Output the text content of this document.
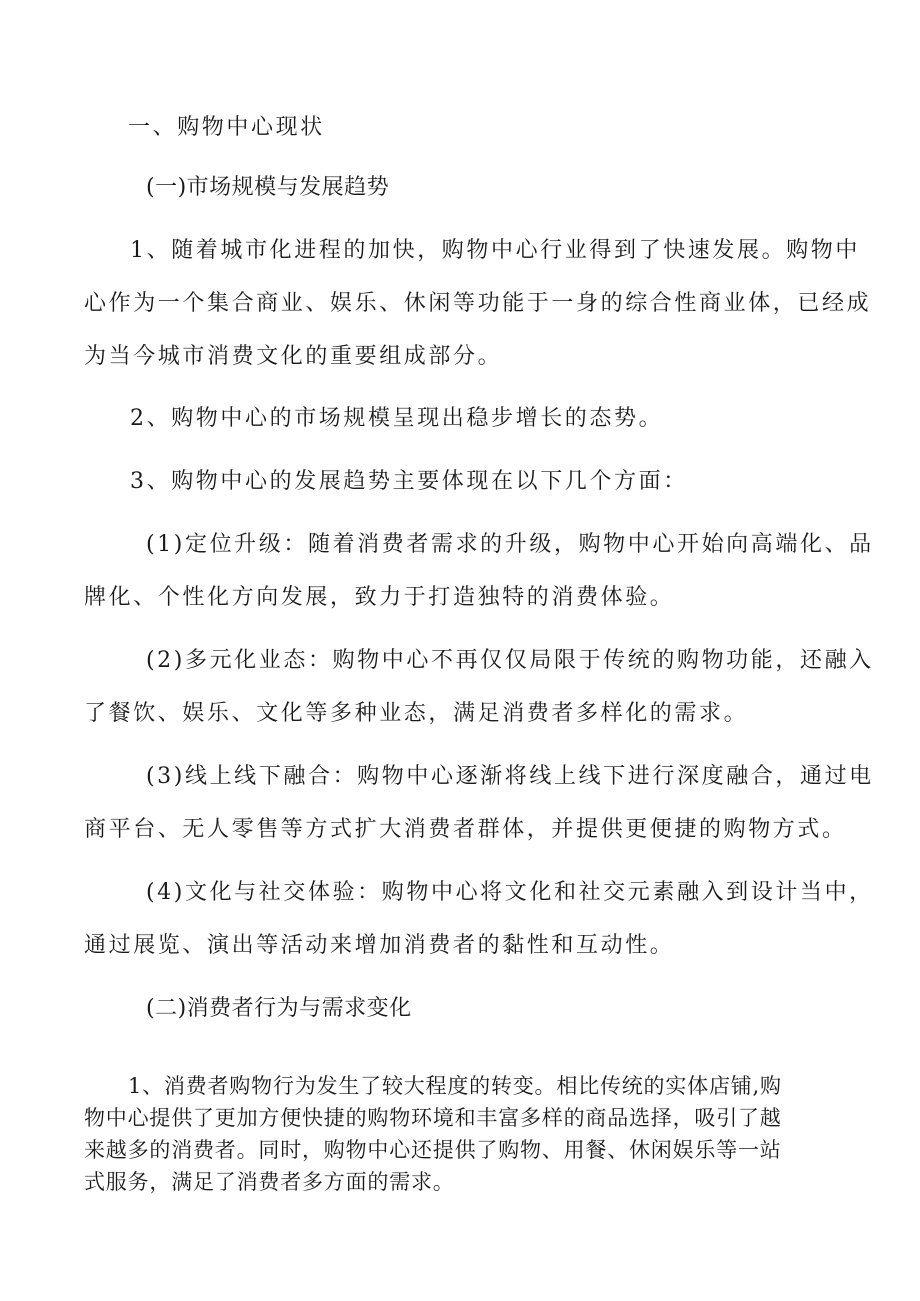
一、购物中心现状
(一)市场规模与发展趋势
1、随着城市化进程的加快，购物中心行业得到了快速发展。购物中
心作为一个集合商业、娱乐、休闲等功能于一身的综合性商业体，已经成
为当今城市消费文化的重要组成部分。
2、购物中心的市场规模呈现出稳步增长的态势。
3、购物中心的发展趋势主要体现在以下几个方面：
(1)定位升级：随着消费者需求的升级，购物中心开始向高端化、品
牌化、个性化方向发展，致力于打造独特的消费体验。
(2)多元化业态：购物中心不再仅仅局限于传统的购物功能，还融入
了餐饮、娱乐、文化等多种业态，满足消费者多样化的需求。
(3)线上线下融合：购物中心逐渐将线上线下进行深度融合，通过电
商平台、无人零售等方式扩大消费者群体，并提供更便捷的购物方式。
(4)文化与社交体验：购物中心将文化和社交元素融入到设计当中，
通过展览、演出等活动来增加消费者的黏性和互动性。
(二)消费者行为与需求变化
1、消费者购物行为发生了较大程度的转变。相比传统的实体店铺,购
物中心提供了更加方便快捷的购物环境和丰富多样的商品选择，吸引了越
来越多的消费者。同时，购物中心还提供了购物、用餐、休闲娱乐等一站
式服务，满足了消费者多方面的需求。
